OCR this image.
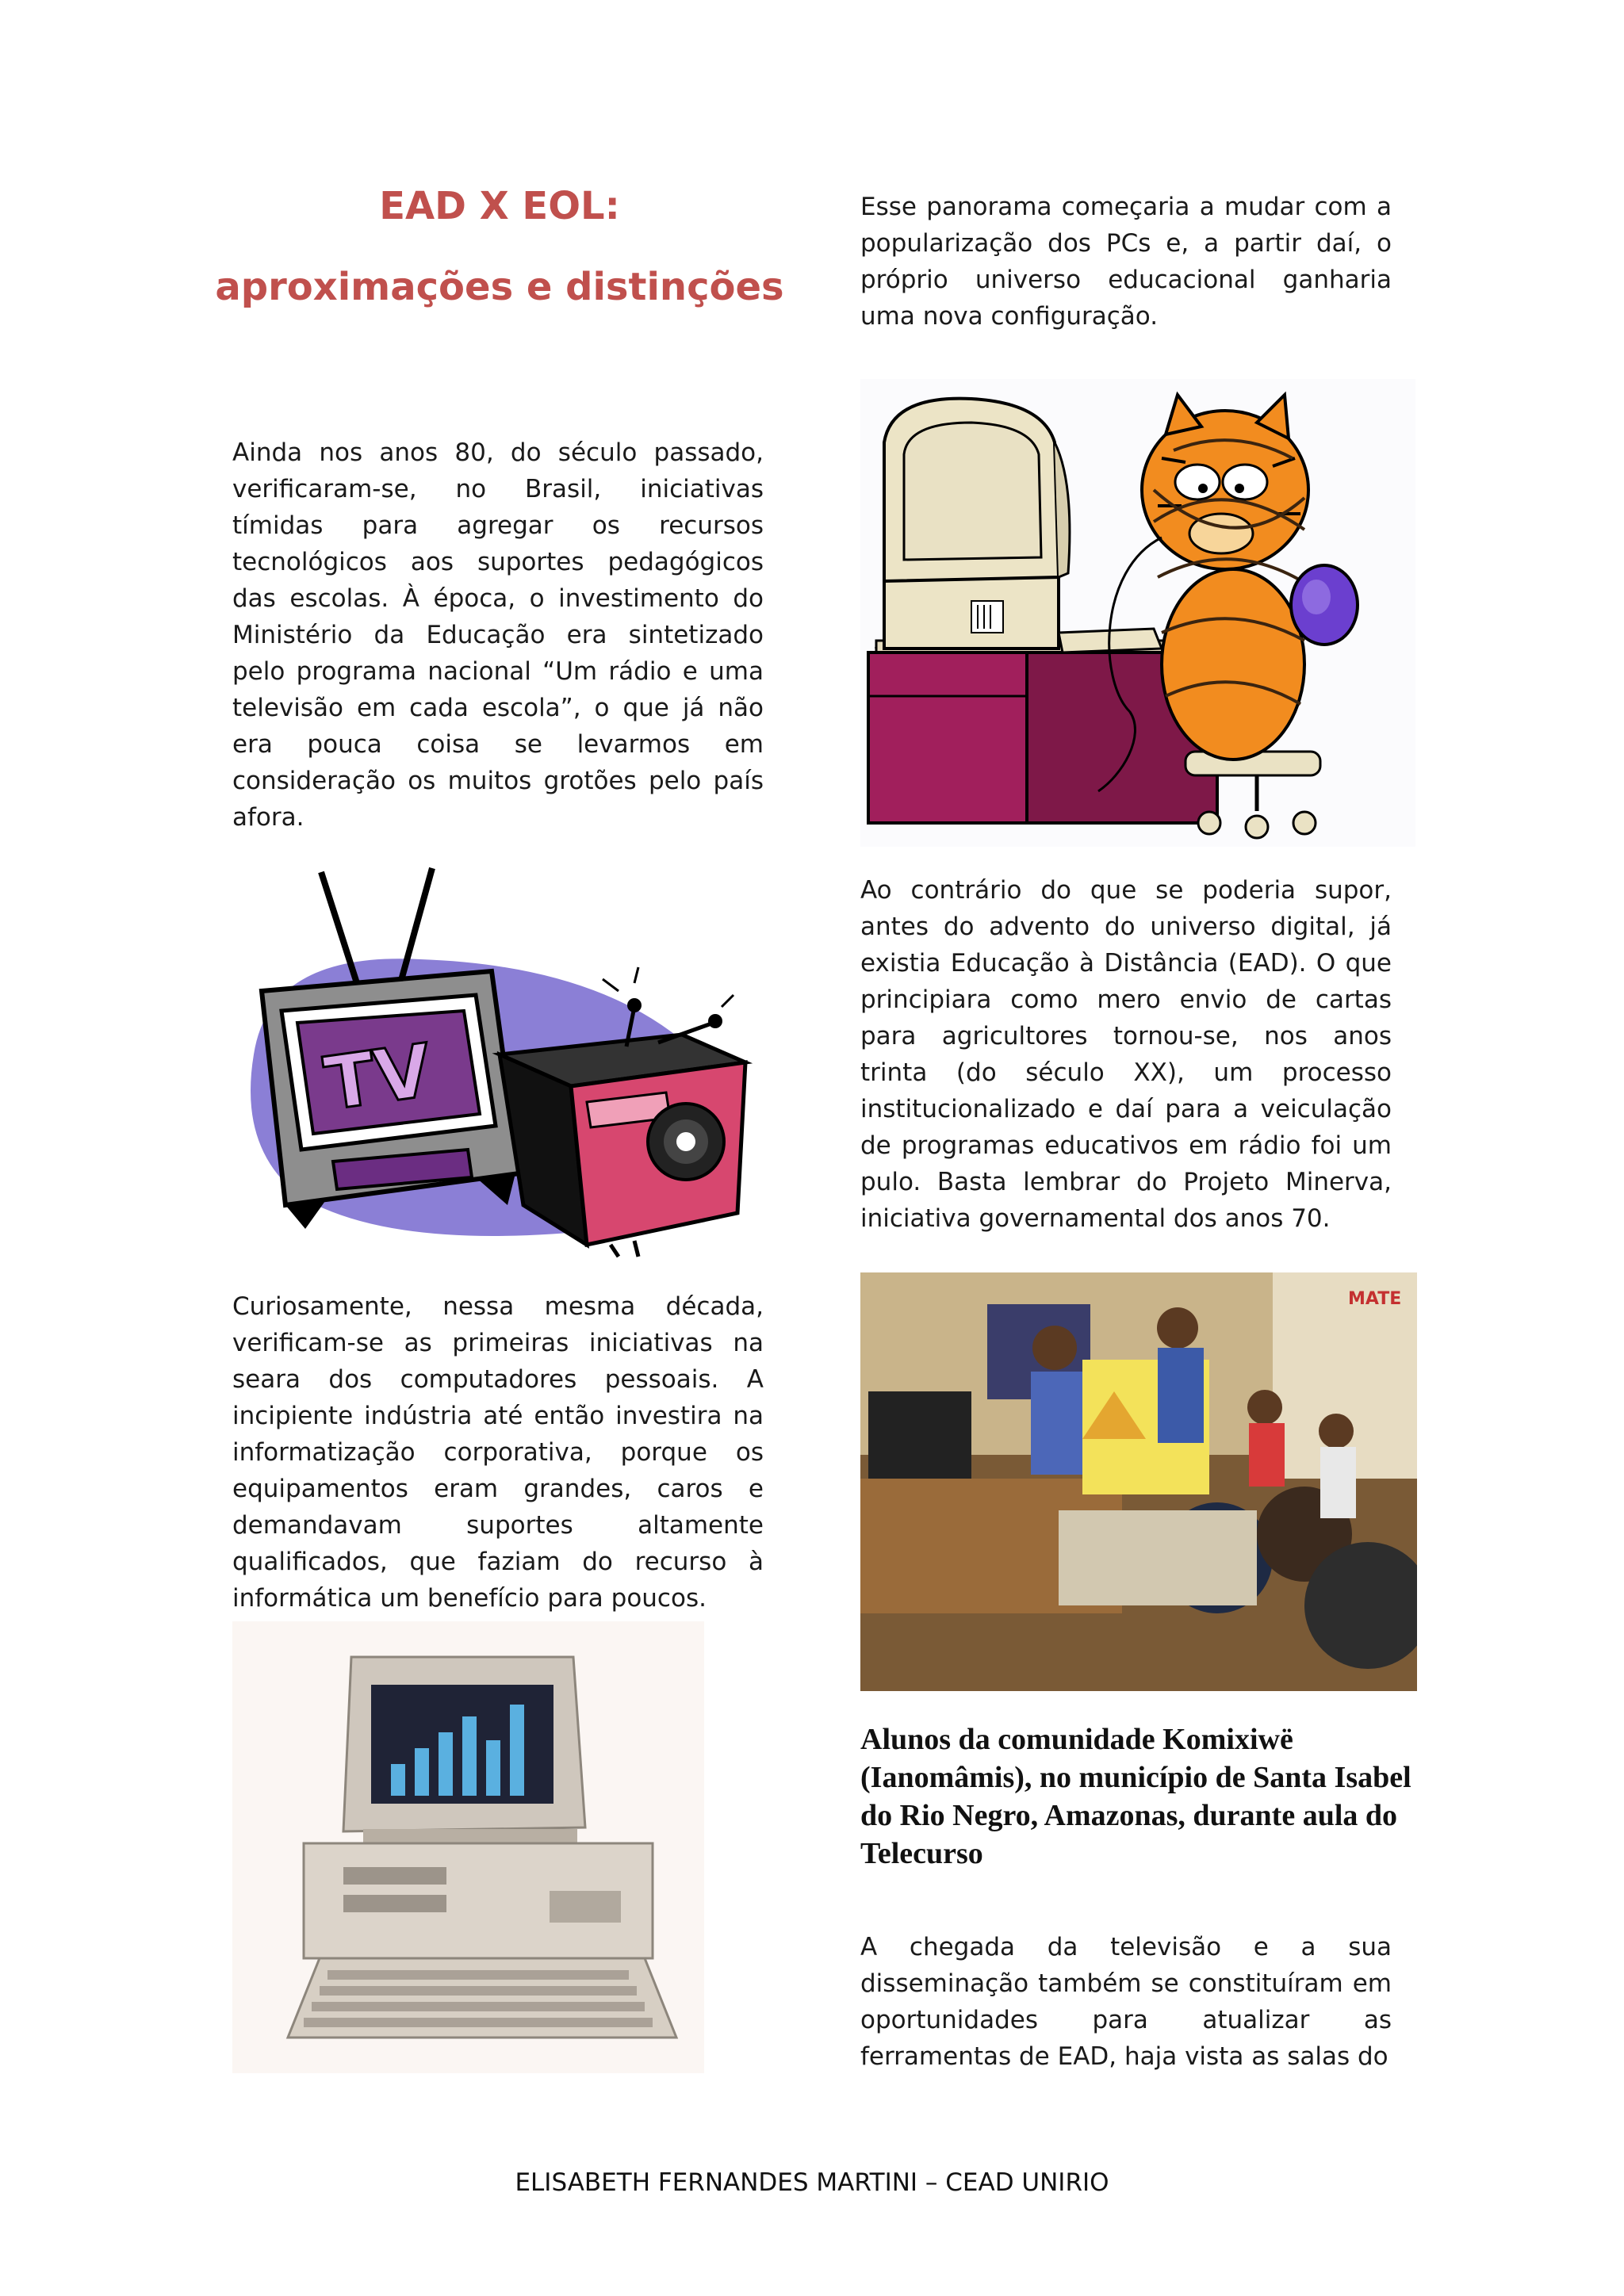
EAD X EOL:
aproximações e distinções

Esse panorama começaria a mudar com a popularização dos PCs e, a partir daí, o próprio universo educacional ganharia uma nova configuração.

Ainda nos anos 80, do século passado, verificaram-se, no Brasil, iniciativas tímidas para agregar os recursos tecnológicos aos suportes pedagógicos das escolas. À época, o investimento do Ministério da Educação era sintetizado pelo programa nacional “Um rádio e uma televisão em cada escola”, o que já não era pouca coisa se levarmos em consideração os muitos grotões pelo país afora.

TV

Ao contrário do que se poderia supor, antes do advento do universo digital, já existia Educação à Distância (EAD). O que principiara como mero envio de cartas para agricultores tornou-se, nos anos trinta (do século XX), um processo institucionalizado e daí para a veiculação de programas educativos em rádio foi um pulo. Basta lembrar do Projeto Minerva, iniciativa governamental dos anos 70.

Curiosamente, nessa mesma década, verificam-se as primeiras iniciativas na seara dos computadores pessoais. A incipiente indústria até então investira na informatização corporativa, porque os equipamentos eram grandes, caros e demandavam suportes altamente qualificados, que faziam do recurso à informática um benefício para poucos.

MATE

Alunos da comunidade Komixiwë (Ianomâmis), no município de Santa Isabel do Rio Negro, Amazonas, durante aula do Telecurso

A chegada da televisão e a sua disseminação também se constituíram em oportunidades para atualizar as ferramentas de EAD, haja vista as salas do

ELISABETH FERNANDES MARTINI – CEAD UNIRIO
